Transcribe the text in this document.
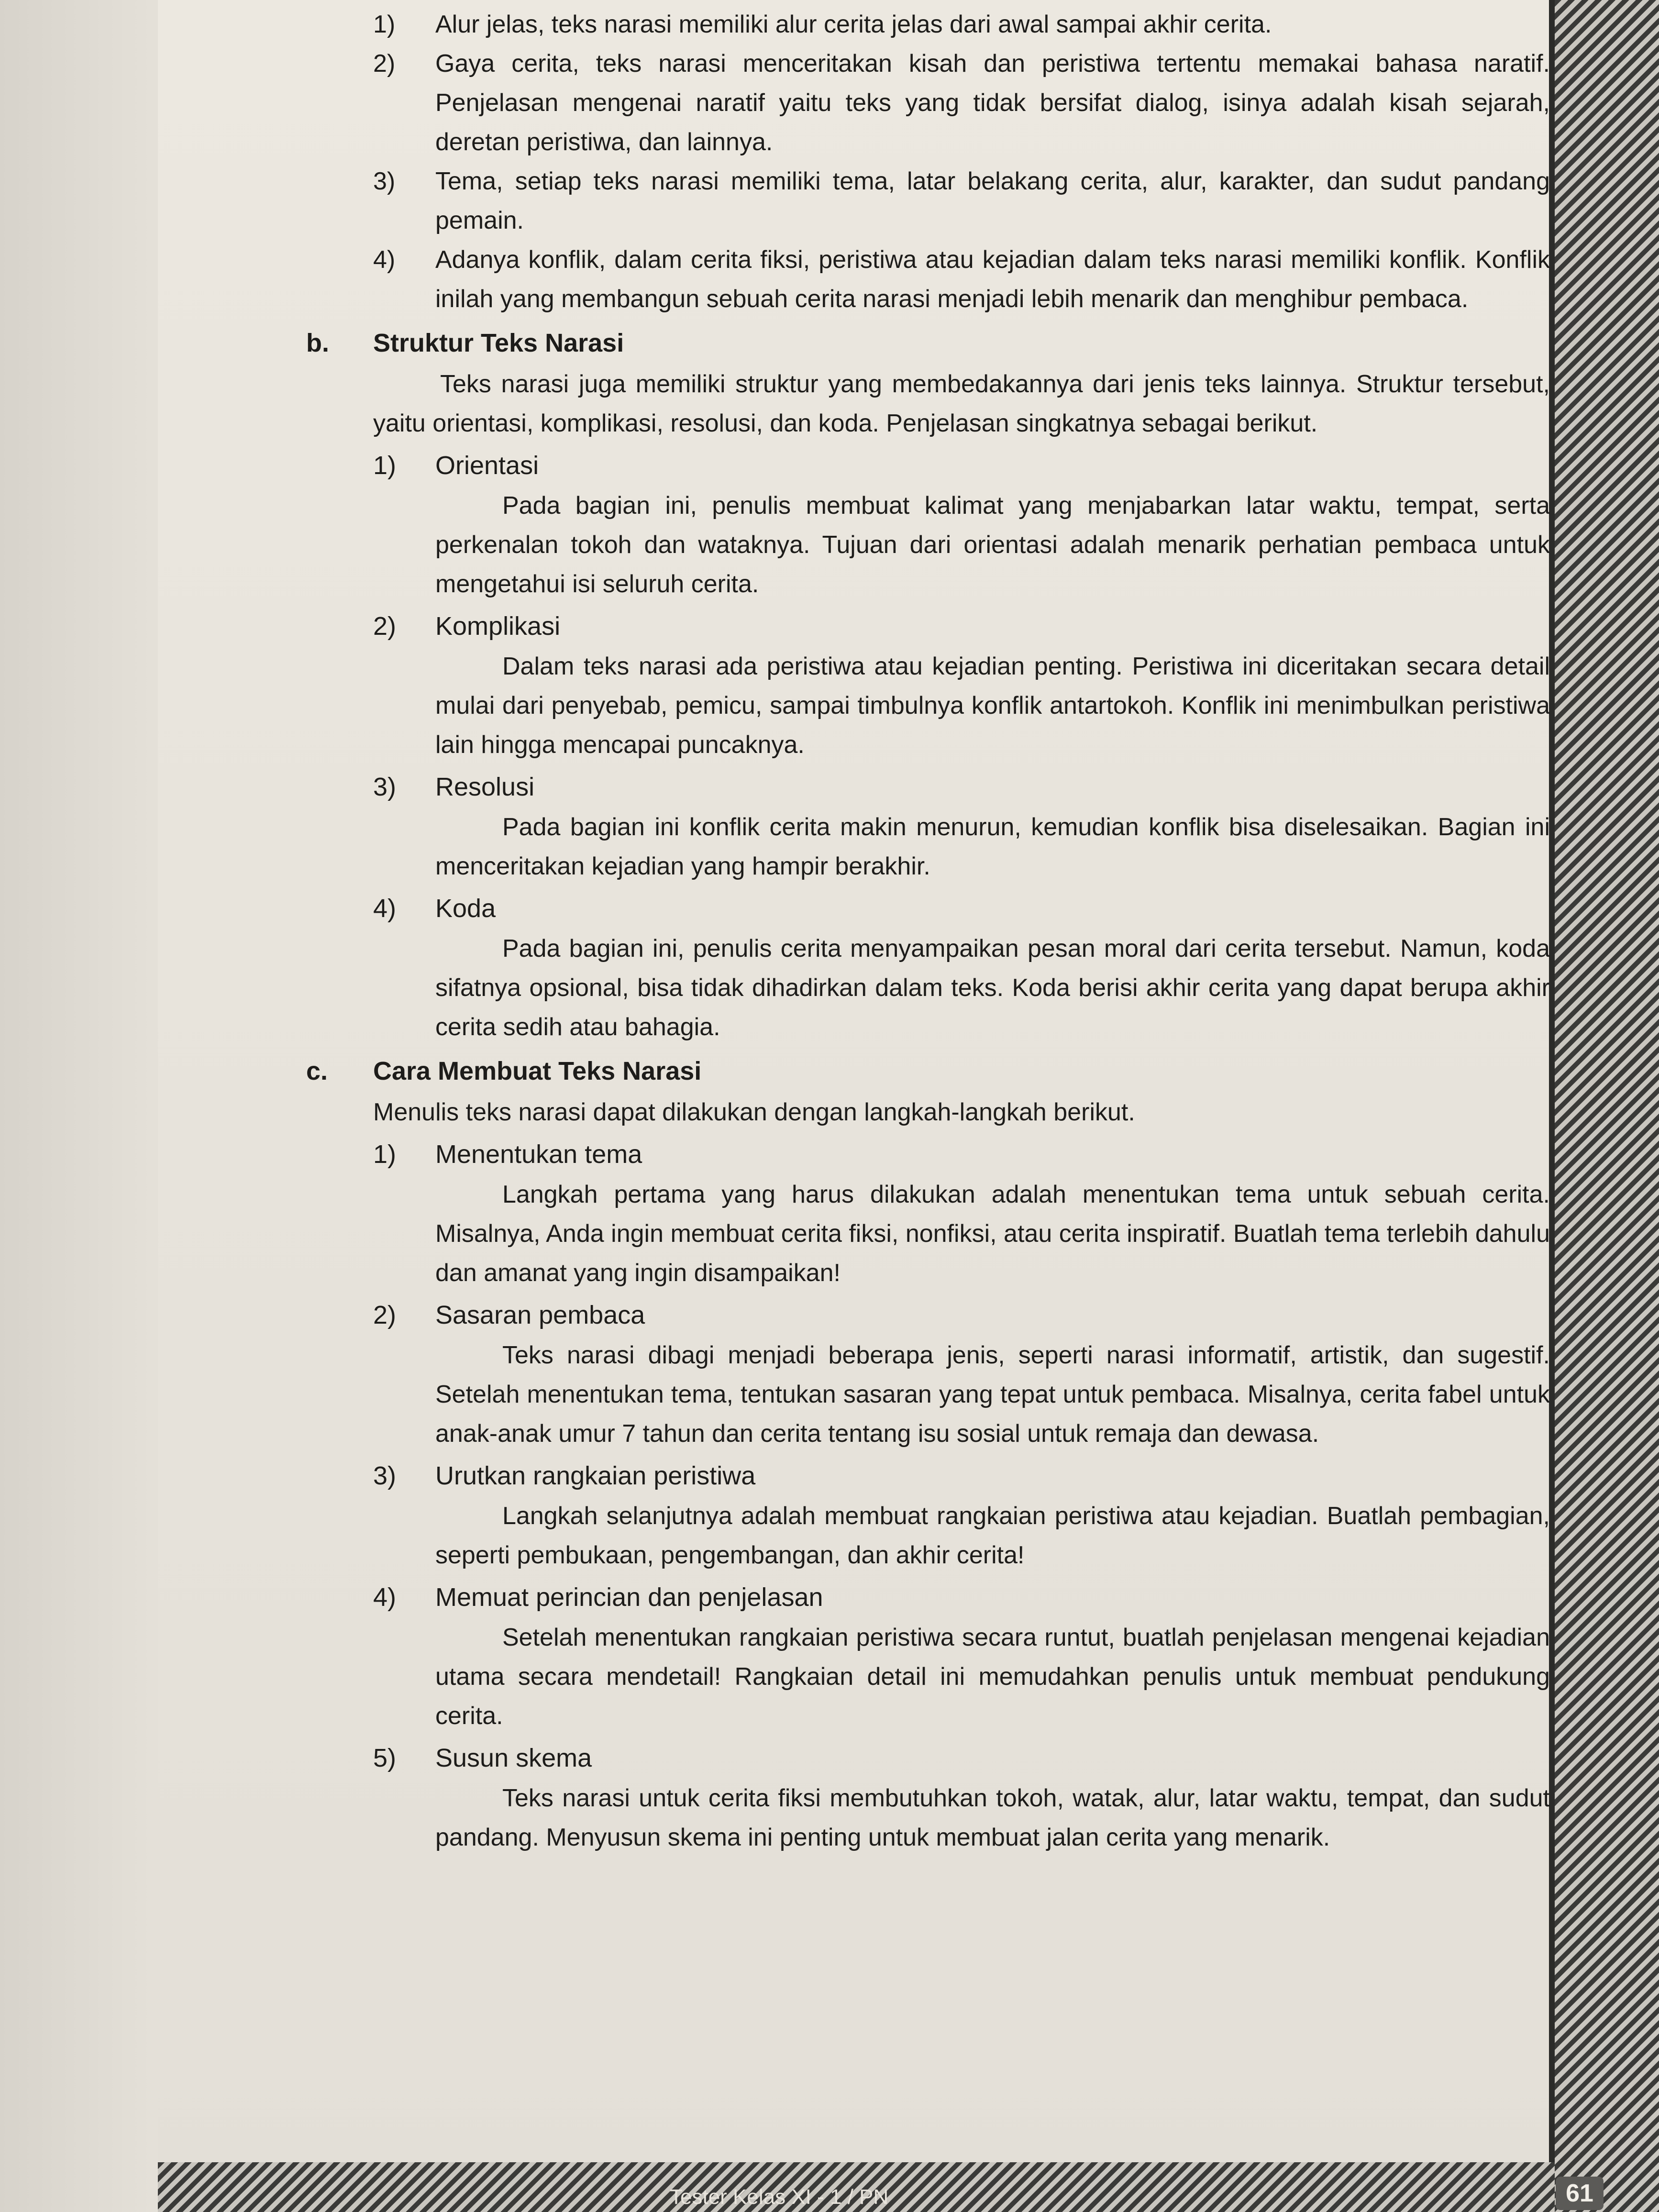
1) Alur jelas, teks narasi memiliki alur cerita jelas dari awal sampai akhir cerita.
2) Gaya cerita, teks narasi menceritakan kisah dan peristiwa tertentu memakai bahasa naratif. Penjelasan mengenai naratif yaitu teks yang tidak bersifat dialog, isinya adalah kisah sejarah, deretan peristiwa, dan lainnya.
3) Tema, setiap teks narasi memiliki tema, latar belakang cerita, alur, karakter, dan sudut pandang pemain.
4) Adanya konflik, dalam cerita fiksi, peristiwa atau kejadian dalam teks narasi memiliki konflik. Konflik inilah yang membangun sebuah cerita narasi menjadi lebih menarik dan menghibur pembaca.
b. Struktur Teks Narasi
Teks narasi juga memiliki struktur yang membedakannya dari jenis teks lainnya. Struktur tersebut, yaitu orientasi, komplikasi, resolusi, dan koda. Penjelasan singkatnya sebagai berikut.
1) Orientasi
Pada bagian ini, penulis membuat kalimat yang menjabarkan latar waktu, tempat, serta perkenalan tokoh dan wataknya. Tujuan dari orientasi adalah menarik perhatian pembaca untuk mengetahui isi seluruh cerita.
2) Komplikasi
Dalam teks narasi ada peristiwa atau kejadian penting. Peristiwa ini diceritakan secara detail mulai dari penyebab, pemicu, sampai timbulnya konflik antartokoh. Konflik ini menimbulkan peristiwa lain hingga mencapai puncaknya.
3) Resolusi
Pada bagian ini konflik cerita makin menurun, kemudian konflik bisa diselesaikan. Bagian ini menceritakan kejadian yang hampir berakhir.
4) Koda
Pada bagian ini, penulis cerita menyampaikan pesan moral dari cerita tersebut. Namun, koda sifatnya opsional, bisa tidak dihadirkan dalam teks. Koda berisi akhir cerita yang dapat berupa akhir cerita sedih atau bahagia.
c. Cara Membuat Teks Narasi
Menulis teks narasi dapat dilakukan dengan langkah-langkah berikut.
1) Menentukan tema
Langkah pertama yang harus dilakukan adalah menentukan tema untuk sebuah cerita. Misalnya, Anda ingin membuat cerita fiksi, nonfiksi, atau cerita inspiratif. Buatlah tema terlebih dahulu dan amanat yang ingin disampaikan!
2) Sasaran pembaca
Teks narasi dibagi menjadi beberapa jenis, seperti narasi informatif, artistik, dan sugestif. Setelah menentukan tema, tentukan sasaran yang tepat untuk pembaca. Misalnya, cerita fabel untuk anak-anak umur 7 tahun dan cerita tentang isu sosial untuk remaja dan dewasa.
3) Urutkan rangkaian peristiwa
Langkah selanjutnya adalah membuat rangkaian peristiwa atau kejadian. Buatlah pembagian, seperti pembukaan, pengembangan, dan akhir cerita!
4) Memuat perincian dan penjelasan
Setelah menentukan rangkaian peristiwa secara runtut, buatlah penjelasan mengenai kejadian utama secara mendetail! Rangkaian detail ini memudahkan penulis untuk membuat pendukung cerita.
5) Susun skema
Teks narasi untuk cerita fiksi membutuhkan tokoh, watak, alur, latar waktu, tempat, dan sudut pandang. Menyusun skema ini penting untuk membuat jalan cerita yang menarik.
Tester Kelas XI - 1 / PN	61
